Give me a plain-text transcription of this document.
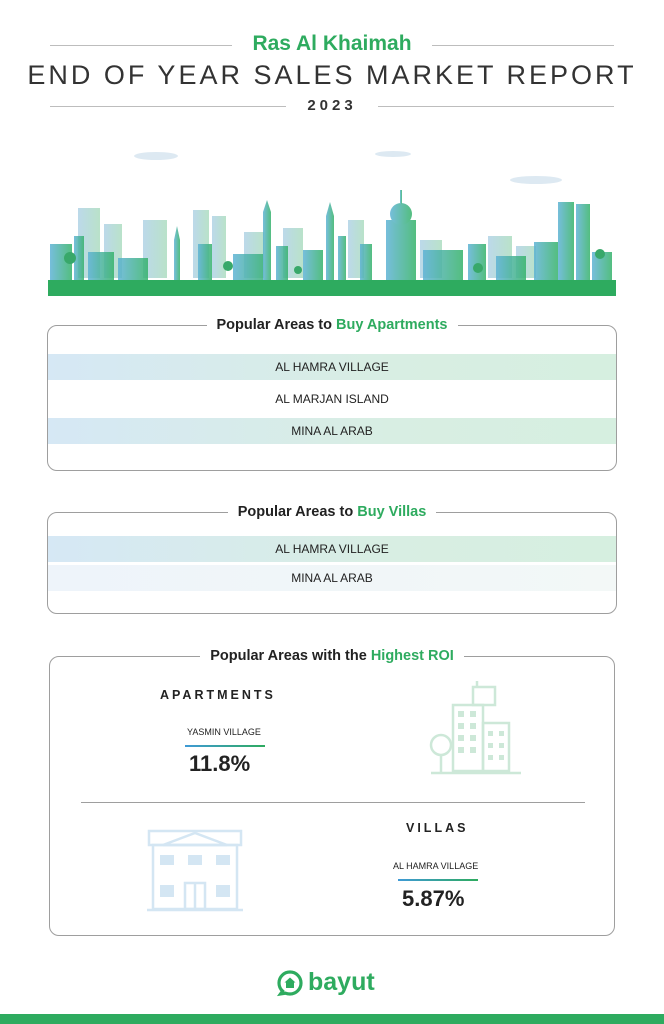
Ras Al Khaimah
END OF YEAR SALES MARKET REPORT
2023
Popular Areas to Buy Apartments
AL HAMRA VILLAGE
AL MARJAN ISLAND
MINA AL ARAB
Popular Areas to Buy Villas
AL HAMRA VILLAGE
MINA AL ARAB
Popular Areas with the Highest ROI
APARTMENTS
YASMIN VILLAGE
11.8%
VILLAS
AL HAMRA VILLAGE
5.87%
bayut
